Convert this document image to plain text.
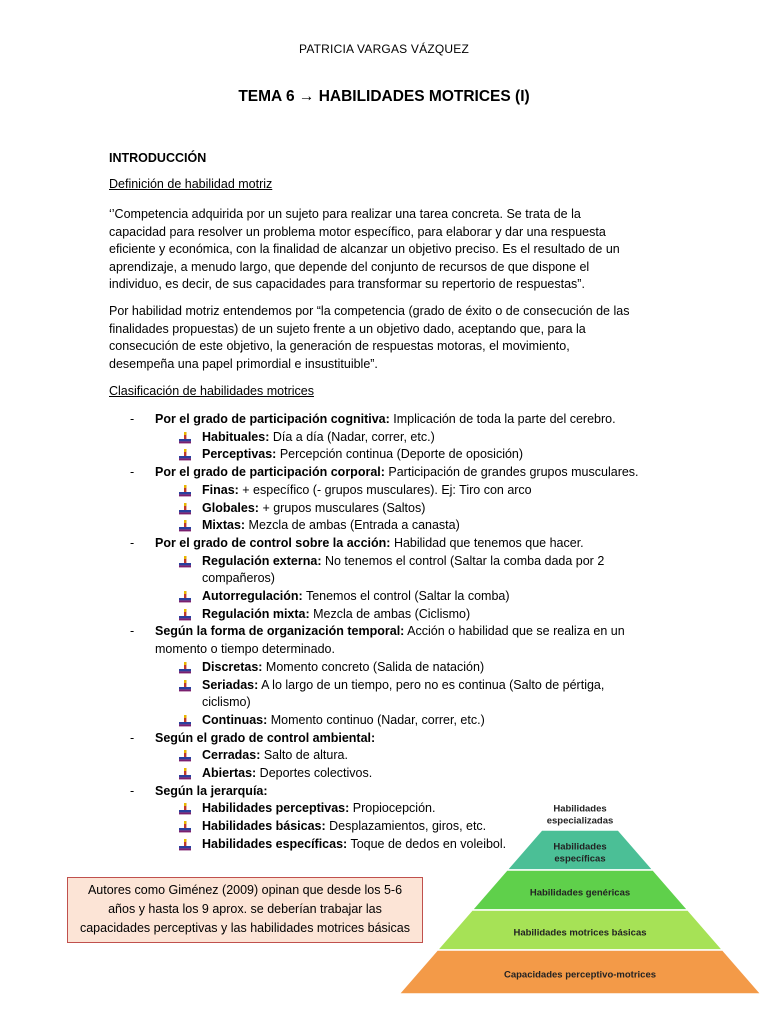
PATRICIA VARGAS VÁZQUEZ
TEMA 6 → HABILIDADES MOTRICES (I)
INTRODUCCIÓN
Definición de habilidad motriz
‘’Competencia adquirida por un sujeto para realizar una tarea concreta. Se trata de la
capacidad para resolver un problema motor específico, para elaborar y dar una respuesta
eficiente y económica, con la finalidad de alcanzar un objetivo preciso. Es el resultado de un
aprendizaje, a menudo largo, que depende del conjunto de recursos de que dispone el
individuo, es decir, de sus capacidades para transformar su repertorio de respuestas”.
Por habilidad motriz entendemos por “la competencia (grado de éxito o de consecución de las
finalidades propuestas) de un sujeto frente a un objetivo dado, aceptando que, para la
consecución de este objetivo, la generación de respuestas motoras, el movimiento,
desempeña una papel primordial e insustituible”.
Clasificación de habilidades motrices
- Por el grado de participación cognitiva: Implicación de toda la parte del cerebro.
Habituales: Día a día (Nadar, correr, etc.)
Perceptivas: Percepción continua (Deporte de oposición)
- Por el grado de participación corporal: Participación de grandes grupos musculares.
Finas: + específico (- grupos musculares). Ej: Tiro con arco
Globales: + grupos musculares (Saltos)
Mixtas: Mezcla de ambas (Entrada a canasta)
- Por el grado de control sobre la acción: Habilidad que tenemos que hacer.
Regulación externa: No tenemos el control (Saltar la comba dada por 2
compañeros)
Autorregulación: Tenemos el control (Saltar la comba)
Regulación mixta: Mezcla de ambas (Ciclismo)
- Según la forma de organización temporal: Acción o habilidad que se realiza en un
momento o tiempo determinado.
Discretas: Momento concreto (Salida de natación)
Seriadas: A lo largo de un tiempo, pero no es continua (Salto de pértiga,
ciclismo)
Continuas: Momento continuo (Nadar, correr, etc.)
- Según el grado de control ambiental:
Cerradas: Salto de altura.
Abiertas: Deportes colectivos.
- Según la jerarquía:
Habilidades perceptivas: Propiocepción.
Habilidades básicas: Desplazamientos, giros, etc.
Habilidades específicas: Toque de dedos en voleibol.
Autores como Giménez (2009) opinan que desde los 5-6
años y hasta los 9 aprox. se deberían trabajar las
capacidades perceptivas y las habilidades motrices básicas
Habilidades
especializadas
Habilidades
específicas
Habilidades genéricas
Habilidades motrices básicas
Capacidades perceptivo-motrices
